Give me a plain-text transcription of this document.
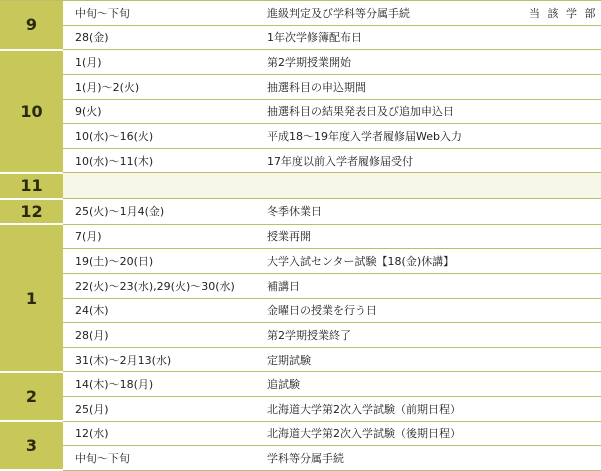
9	中旬～下旬	進級判定及び学科等分属手続	当 該 学 部
	28(金)	1年次学修簿配布日	
10	1(月)	第2学期授業開始	
	1(月)～2(火)	抽選科目の申込期間	
	9(火)	抽選科目の結果発表日及び追加申込日	
	10(水)～16(火)	平成18～19年度入学者履修届Web入力	
	10(水)～11(木)	17年度以前入学者履修届受付	
11			
12	25(火)～1月4(金)	冬季休業日	
1	7(月)	授業再開	
	19(土)～20(日)	大学入試センター試験【18(金)休講】	
	22(火)～23(水),29(火)～30(水)	補講日	
	24(木)	金曜日の授業を行う日	
	28(月)	第2学期授業終了	
	31(木)～2月13(水)	定期試験	
2	14(木)～18(月)	追試験	
	25(月)	北海道大学第2次入学試験（前期日程）	
3	12(水)	北海道大学第2次入学試験（後期日程）	
	中旬～下旬	学科等分属手続	
